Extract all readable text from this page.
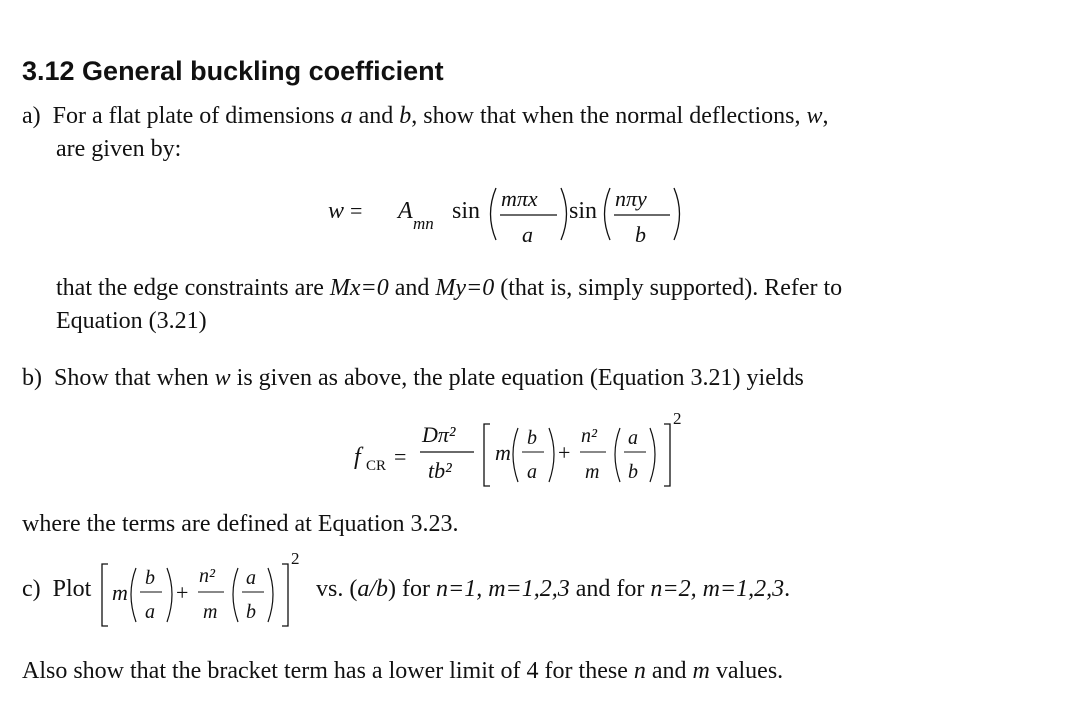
3.12 General buckling coefficient
a) For a flat plate of dimensions a and b, show that when the normal deflections, w,
are given by:
w = A mn sin mπx
a
sin nπy
b
that the edge constraints are Mx=0 and My=0 (that is, simply supported). Refer to
Equation (3.21)
b) Show that when w is given as above, the plate equation (Equation 3.21) yields
f CR =
Dπ²
tb²
m
b
a
+
n²
m
a
b
2
where the terms are defined at Equation 3.23.
c) Plot m
b
a
+
n²
m
a
b
2
vs. (a/b) for n=1, m=1,2,3 and for n=2, m=1,2,3.
Also show that the bracket term has a lower limit of 4 for these n and m values.
